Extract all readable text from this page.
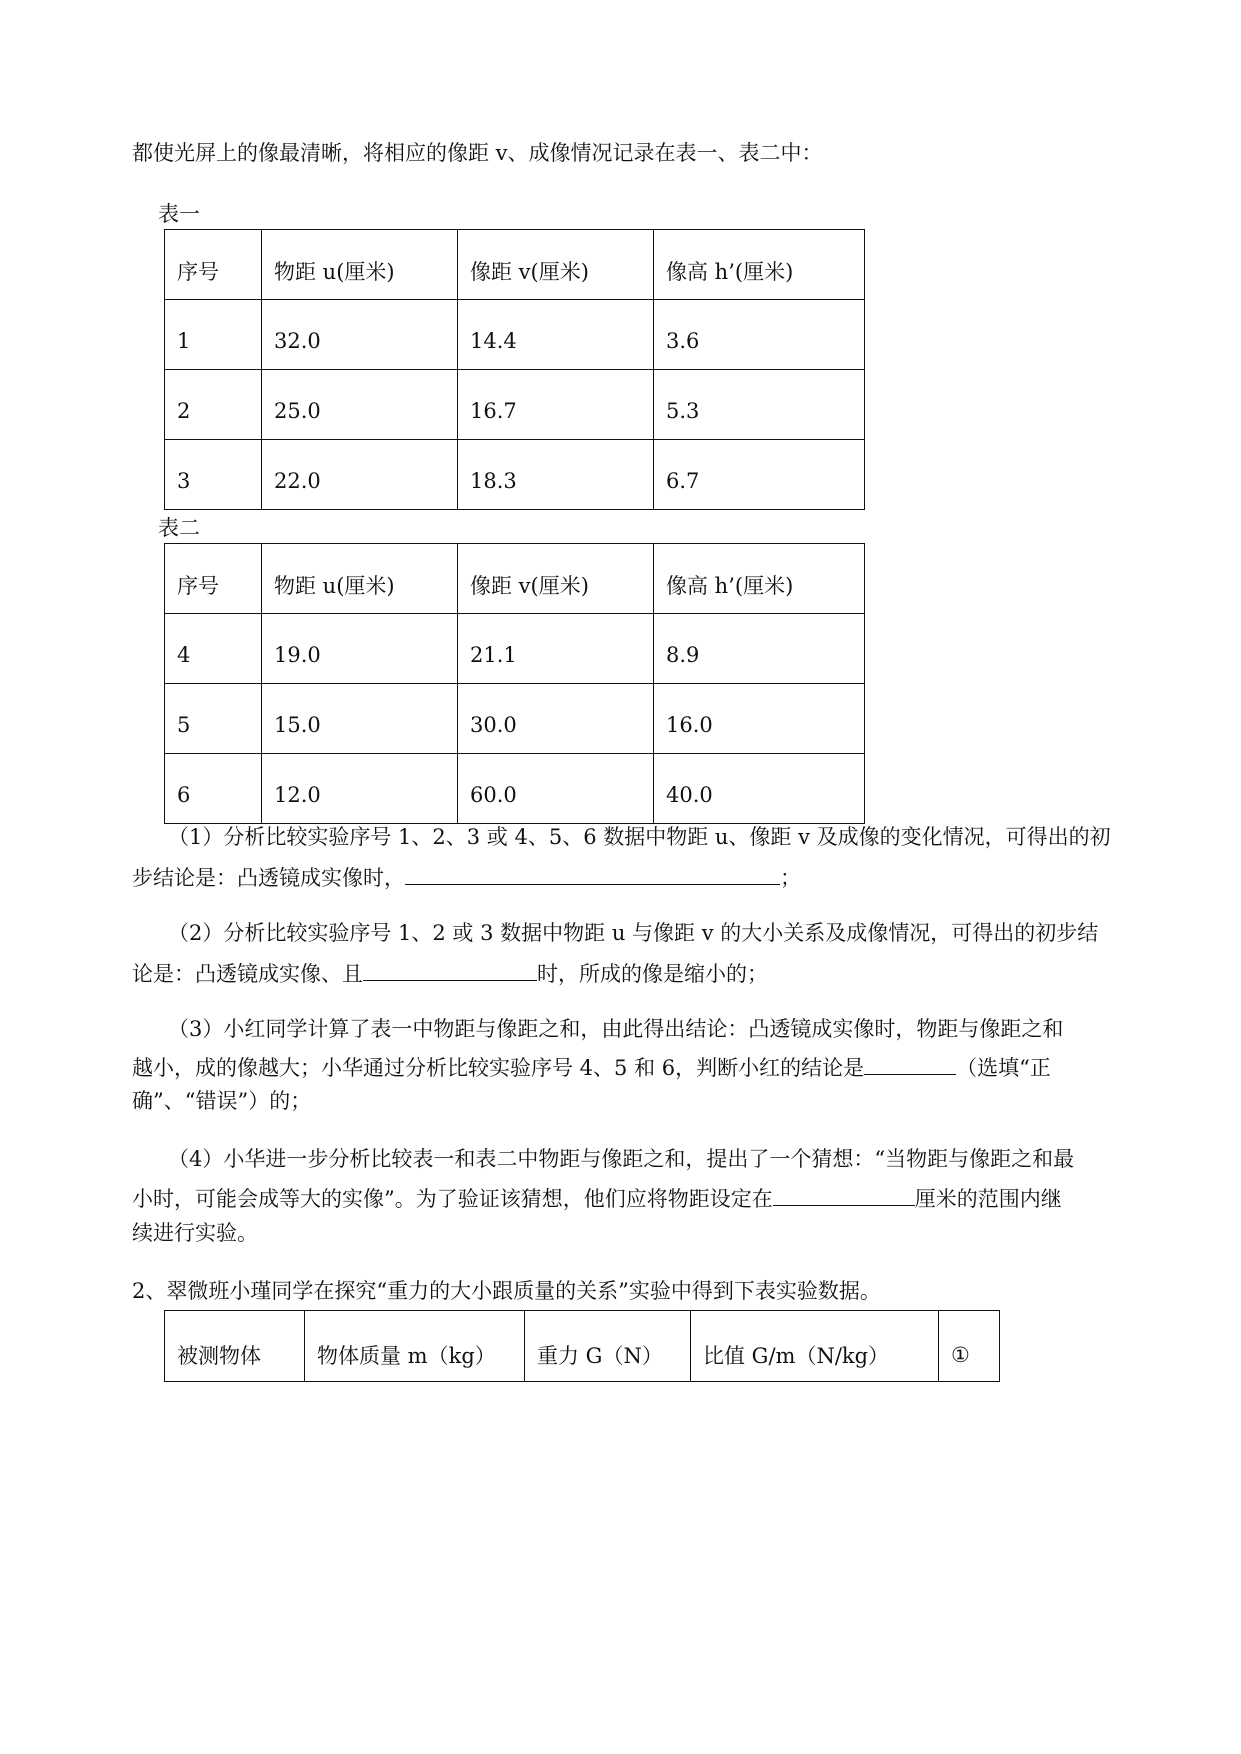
都使光屏上的像最清晰，将相应的像距 v、成像情况记录在表一、表二中：
表一
序号	物距 u(厘米)	像距 v(厘米)	像高 h’(厘米)
1	32.0	14.4	3.6
2	25.0	16.7	5.3
3	22.0	18.3	6.7
表二
序号	物距 u(厘米)	像距 v(厘米)	像高 h’(厘米)
4	19.0	21.1	8.9
5	15.0	30.0	16.0
6	12.0	60.0	40.0
（1）分析比较实验序号 1、2、3 或 4、5、6 数据中物距 u、像距 v 及成像的变化情况，可得出的初
步结论是：凸透镜成实像时，	；
（2）分析比较实验序号 1、2 或 3 数据中物距 u 与像距 v 的大小关系及成像情况，可得出的初步结
论是：凸透镜成实像、且	时，所成的像是缩小的；
（3）小红同学计算了表一中物距与像距之和，由此得出结论：凸透镜成实像时，物距与像距之和
越小，成的像越大；小华通过分析比较实验序号 4、5 和 6，判断小红的结论是	（选填“正
确”、“错误”）的；
（4）小华进一步分析比较表一和表二中物距与像距之和，提出了一个猜想：“当物距与像距之和最
小时，可能会成等大的实像”。为了验证该猜想，他们应将物距设定在	厘米的范围内继
续进行实验。
2、翠微班小瑾同学在探究“重力的大小跟质量的关系”实验中得到下表实验数据。
被测物体	物体质量 m（kg）	重力 G（N）	比值 G/m（N/kg）	①
